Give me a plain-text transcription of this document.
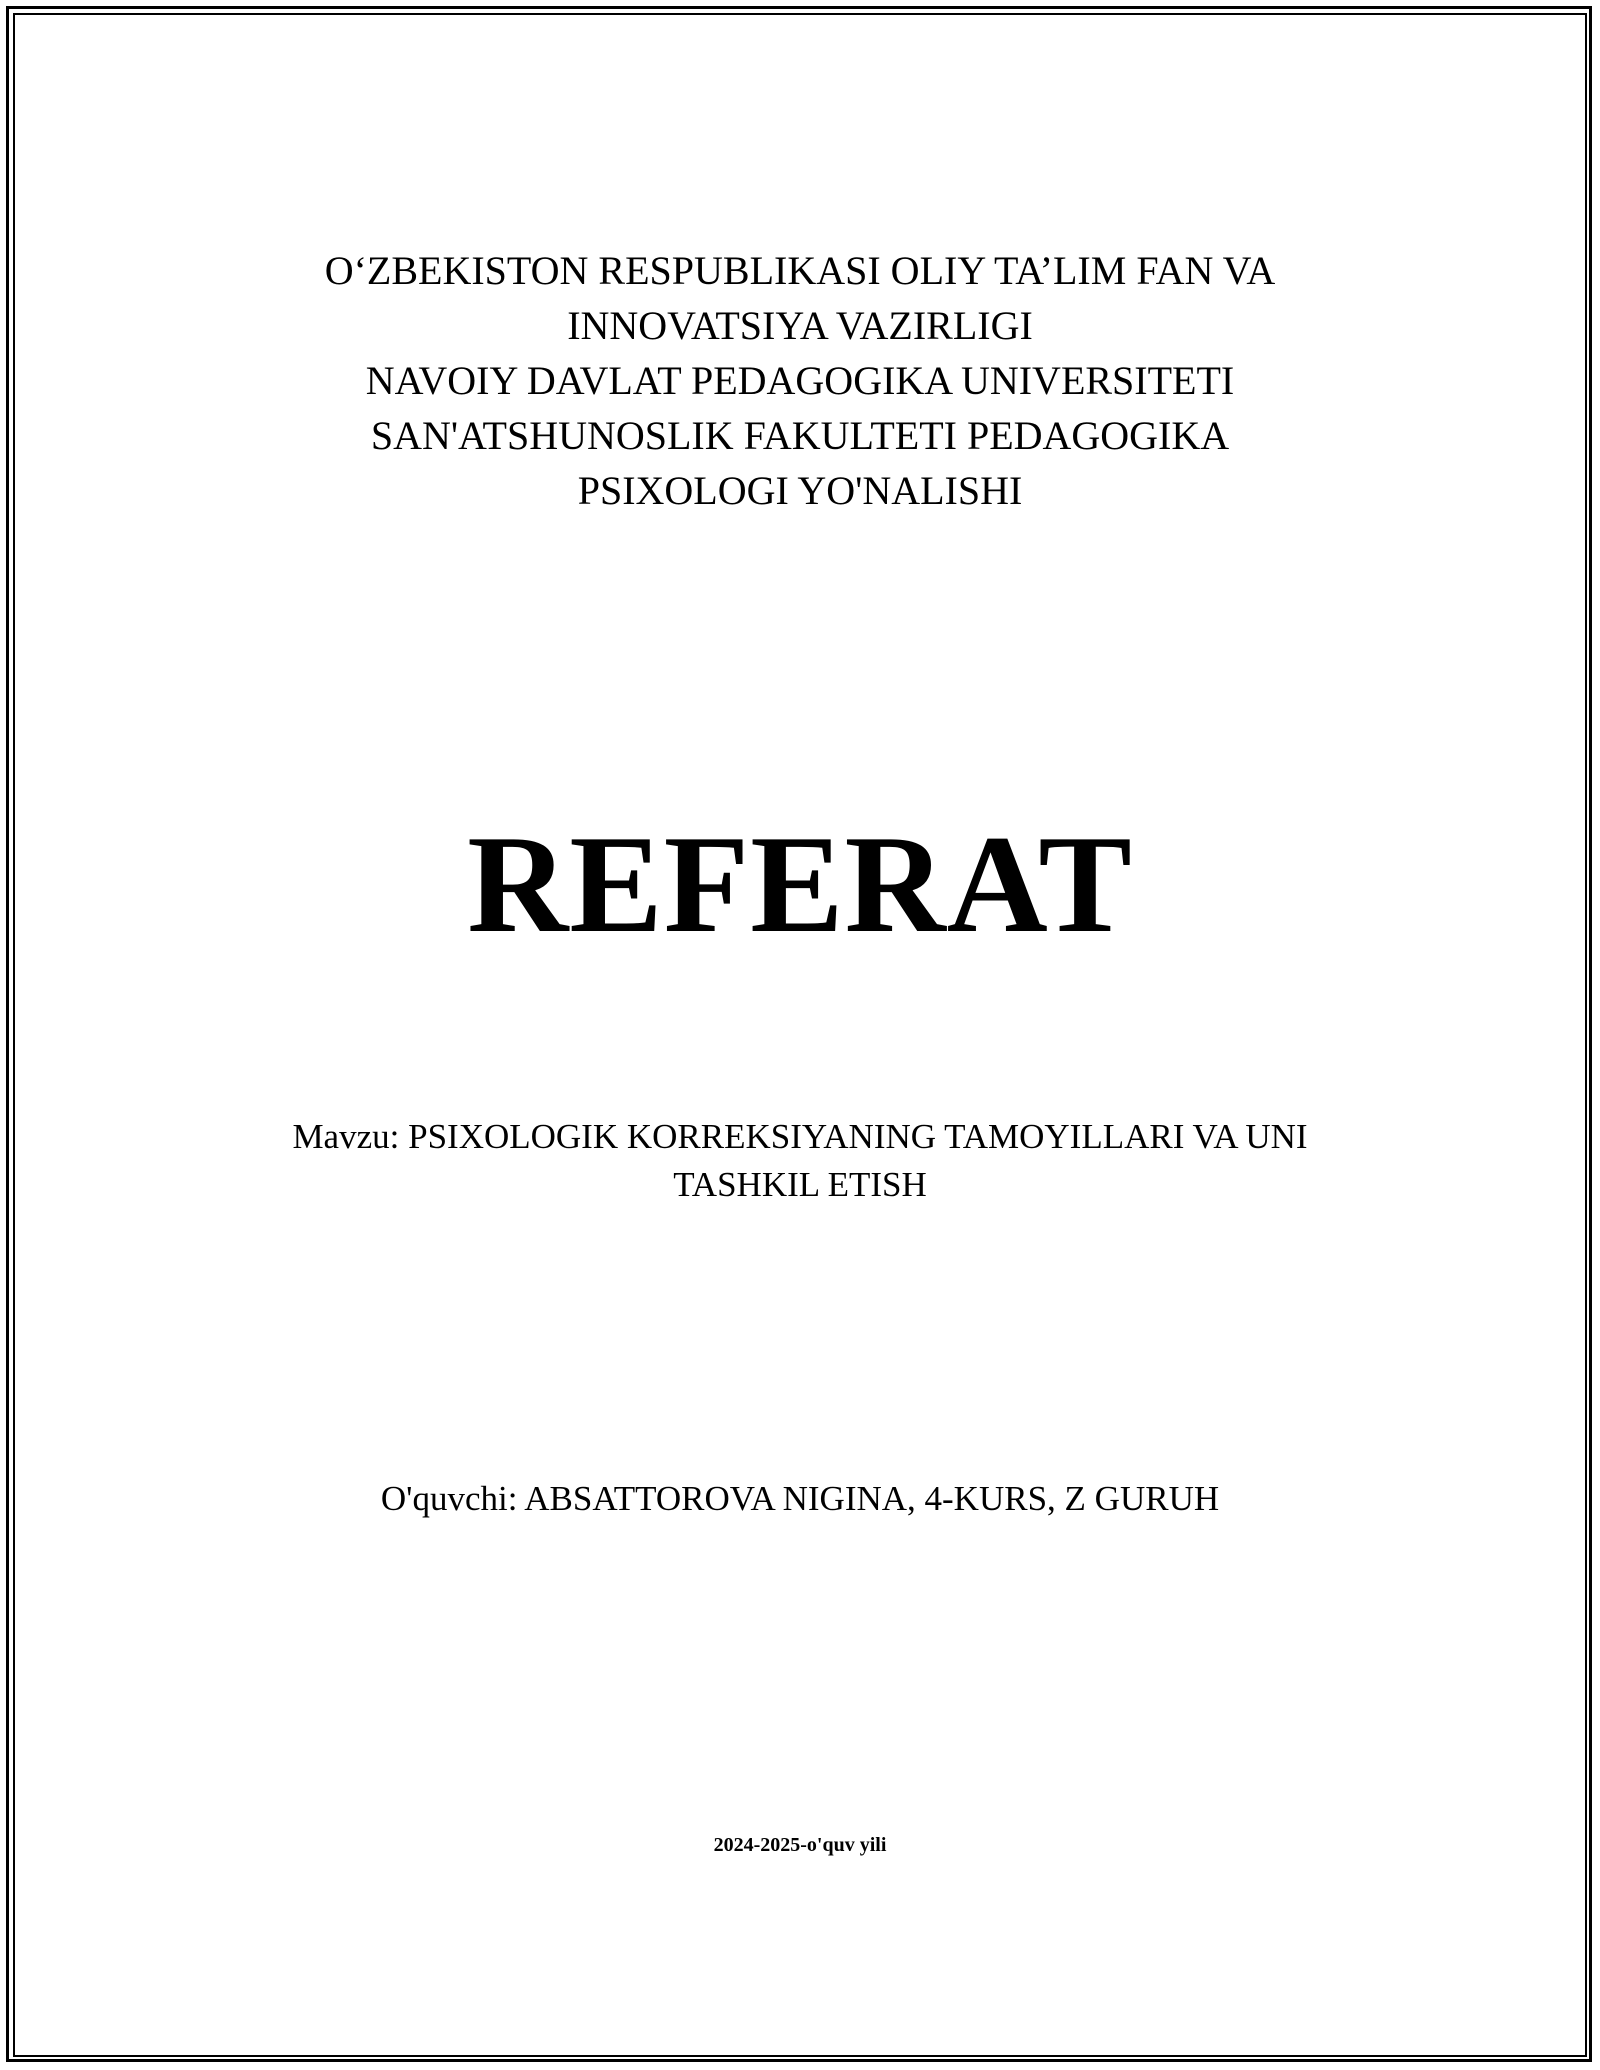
O‘ZBEKISTON RESPUBLIKASI OLIY TA’LIM FAN VA
INNOVATSIYA VAZIRLIGI
NAVOIY DAVLAT PEDAGOGIKA UNIVERSITETI
SAN'ATSHUNOSLIK FAKULTETI PEDAGOGIKA
PSIXOLOGI YO'NALISHI
REFERAT
Mavzu: PSIXOLOGIK KORREKSIYANING TAMOYILLARI VA UNI
TASHKIL ETISH
O'quvchi: ABSATTOROVA NIGINA, 4-KURS, Z GURUH
2024-2025-o'quv yili
